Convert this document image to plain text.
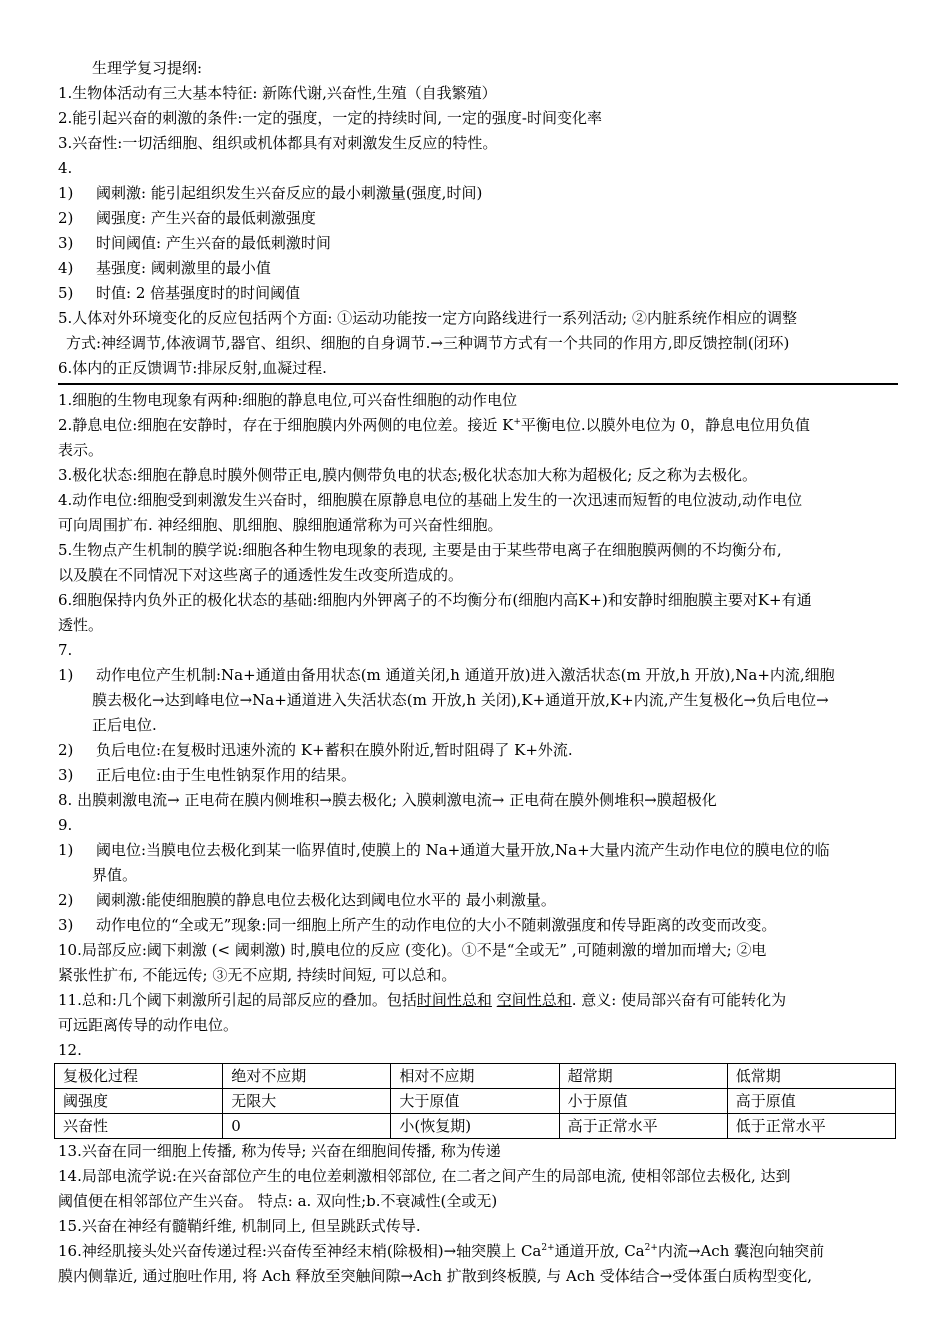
生理学复习提纲:
1.生物体活动有三大基本特征: 新陈代谢,兴奋性,生殖（自我繁殖）
2.能引起兴奋的刺激的条件:一定的强度，一定的持续时间, 一定的强度-时间变化率
3.兴奋性:一切活细胞、组织或机体都具有对刺激发生反应的特性。
4.
1)	阈刺激: 能引起组织发生兴奋反应的最小刺激量(强度,时间)
2)	阈强度: 产生兴奋的最低刺激强度
3)	时间阈值: 产生兴奋的最低刺激时间
4)	基强度: 阈刺激里的最小值
5)	时值: 2 倍基强度时的时间阈值
5.人体对外环境变化的反应包括两个方面: ①运动功能按一定方向路线进行一系列活动; ②内脏系统作相应的调整
方式:神经调节,体液调节,器官、组织、细胞的自身调节.→三种调节方式有一个共同的作用方,即反馈控制(闭环)
6.体内的正反馈调节:排尿反射,血凝过程.
1.细胞的生物电现象有两种:细胞的静息电位,可兴奋性细胞的动作电位
2.静息电位:细胞在安静时，存在于细胞膜内外两侧的电位差。接近 K+平衡电位.以膜外电位为 0，静息电位用负值
表示。
3.极化状态:细胞在静息时膜外侧带正电,膜内侧带负电的状态;极化状态加大称为超极化; 反之称为去极化。
4.动作电位:细胞受到刺激发生兴奋时，细胞膜在原静息电位的基础上发生的一次迅速而短暂的电位波动,动作电位
可向周围扩布. 神经细胞、肌细胞、腺细胞通常称为可兴奋性细胞。
5.生物点产生机制的膜学说:细胞各种生物电现象的表现, 主要是由于某些带电离子在细胞膜两侧的不均衡分布,
以及膜在不同情况下对这些离子的通透性发生改变所造成的。
6.细胞保持内负外正的极化状态的基础:细胞内外钾离子的不均衡分布(细胞内高K+)和安静时细胞膜主要对K+有通
透性。
7.
1)	动作电位产生机制:Na+通道由备用状态(m 通道关闭,h 通道开放)进入激活状态(m 开放,h 开放),Na+内流,细胞
膜去极化→达到峰电位→Na+通道进入失活状态(m 开放,h 关闭),K+通道开放,K+内流,产生复极化→负后电位→
正后电位.
2)	负后电位:在复极时迅速外流的 K+蓄积在膜外附近,暂时阻碍了 K+外流.
3)	正后电位:由于生电性钠泵作用的结果。
8. 出膜刺激电流→ 正电荷在膜内侧堆积→膜去极化; 入膜刺激电流→ 正电荷在膜外侧堆积→膜超极化
9.
1)	阈电位:当膜电位去极化到某一临界值时,使膜上的 Na+通道大量开放,Na+大量内流产生动作电位的膜电位的临
界值。
2)	阈刺激:能使细胞膜的静息电位去极化达到阈电位水平的 最小刺激量。
3)	动作电位的“全或无”现象:同一细胞上所产生的动作电位的大小不随刺激强度和传导距离的改变而改变。
10.局部反应:阈下刺激 (< 阈刺激) 时,膜电位的反应 (变化)。①不是“全或无” ,可随刺激的增加而增大; ②电
紧张性扩布, 不能远传; ③无不应期, 持续时间短, 可以总和。
11.总和:几个阈下刺激所引起的局部反应的叠加。包括时间性总和 空间性总和. 意义: 使局部兴奋有可能转化为
可远距离传导的动作电位。
12.
复极化过程	绝对不应期	相对不应期	超常期	低常期
阈强度	无限大	大于原值	小于原值	高于原值
兴奋性	0	小(恢复期)	高于正常水平	低于正常水平
13.兴奋在同一细胞上传播, 称为传导; 兴奋在细胞间传播, 称为传递
14.局部电流学说:在兴奋部位产生的电位差刺激相邻部位, 在二者之间产生的局部电流, 使相邻部位去极化, 达到
阈值便在相邻部位产生兴奋。 特点: a. 双向性;b.不衰减性(全或无)
15.兴奋在神经有髓鞘纤维, 机制同上, 但呈跳跃式传导.
16.神经肌接头处兴奋传递过程:兴奋传至神经末梢(除极相)→轴突膜上 $Ca^{2+}$通道开放, $Ca^{2+}$内流→Ach 囊泡向轴突前
膜内侧靠近, 通过胞吐作用, 将 Ach 释放至突触间隙→Ach 扩散到终板膜, 与 Ach 受体结合→受体蛋白质构型变化,
